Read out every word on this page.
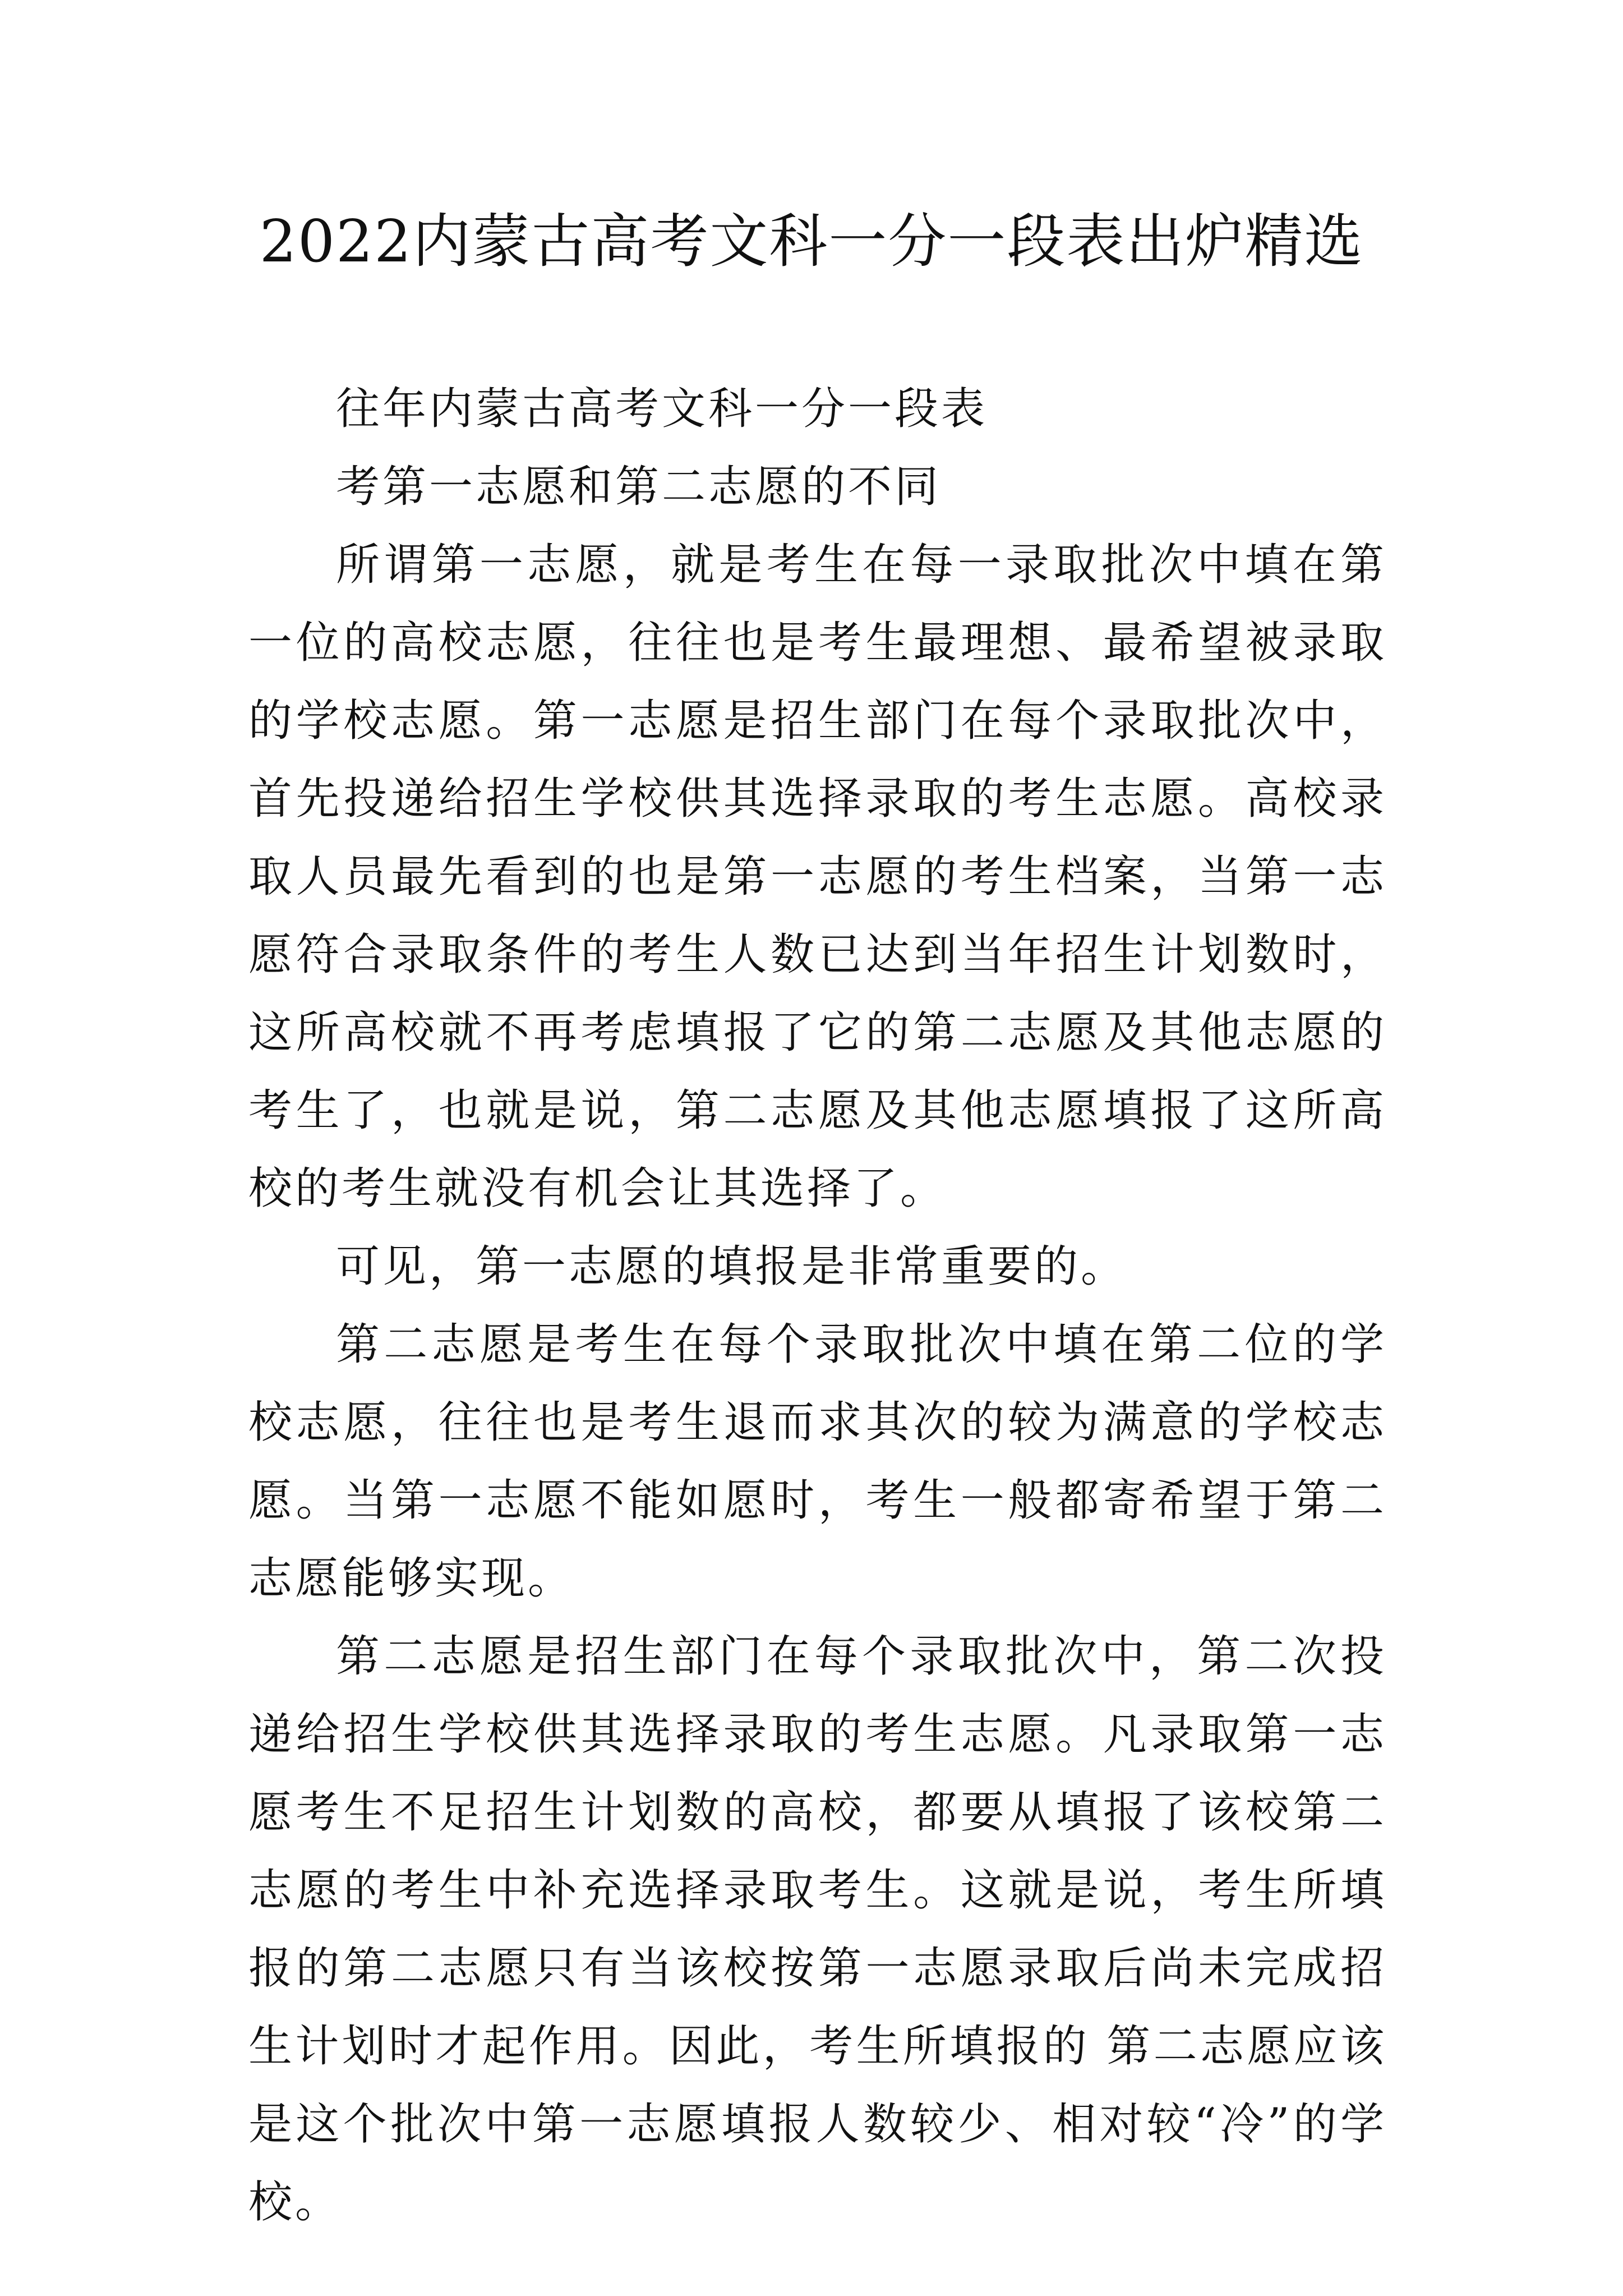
2022内蒙古高考文科一分一段表出炉精选

往年内蒙古高考文科一分一段表

考第一志愿和第二志愿的不同

所谓第一志愿，就是考生在每一录取批次中填在第一位的高校志愿，往往也是考生最理想、最希望被录取的学校志愿。第一志愿是招生部门在每个录取批次中，首先投递给招生学校供其选择录取的考生志愿。高校录取人员最先看到的也是第一志愿的考生档案，当第一志愿符合录取条件的考生人数已达到当年招生计划数时，这所高校就不再考虑填报了它的第二志愿及其他志愿的考生了，也就是说，第二志愿及其他志愿填报了这所高校的考生就没有机会让其选择了。

可见，第一志愿的填报是非常重要的。

第二志愿是考生在每个录取批次中填在第二位的学校志愿，往往也是考生退而求其次的较为满意的学校志愿。当第一志愿不能如愿时，考生一般都寄希望于第二志愿能够实现。

第二志愿是招生部门在每个录取批次中，第二次投递给招生学校供其选择录取的考生志愿。凡录取第一志愿考生不足招生计划数的高校，都要从填报了该校第二志愿的考生中补充选择录取考生。这就是说，考生所填报的第二志愿只有当该校按第一志愿录取后尚未完成招生计划时才起作用。因此，考生所填报的 第二志愿应该是这个批次中第一志愿填报人数较少、相对较“冷”的学校。
